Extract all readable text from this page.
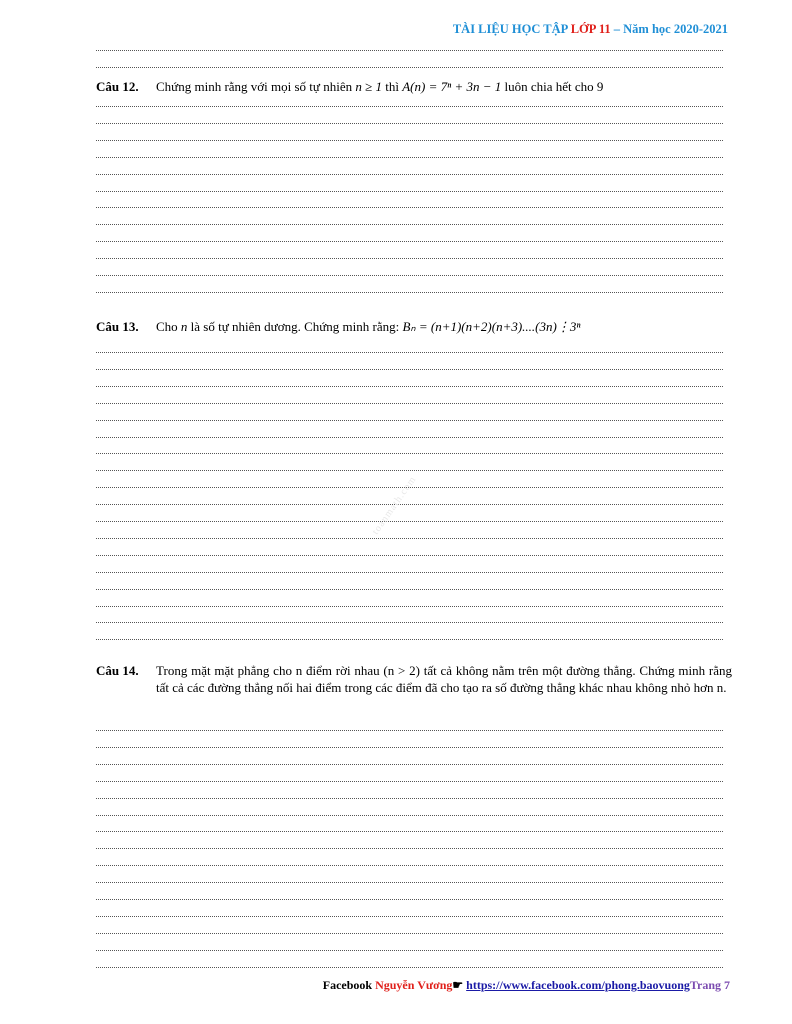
TÀI LIỆU HỌC TẬP LỚP 11 – Năm học 2020-2021
Câu 12. Chứng minh rằng với mọi số tự nhiên n ≥ 1 thì A(n) = 7ⁿ + 3n − 1 luôn chia hết cho 9
Câu 13. Cho n là số tự nhiên dương. Chứng minh rằng: Bₙ = (n+1)(n+2)(n+3)....(3n)⋮3ⁿ
Câu 14. Trong mặt mặt phẳng cho n điểm rời nhau (n > 2) tất cả không nằm trên một đường thẳng. Chứng minh rằng tất cả các đường thẳng nối hai điểm trong các điểm đã cho tạo ra số đường thẳng khác nhau không nhỏ hơn n.
toanmath.com
Facebook Nguyễn Vương☛ https://www.facebook.com/phong.baovuongTrang 7
